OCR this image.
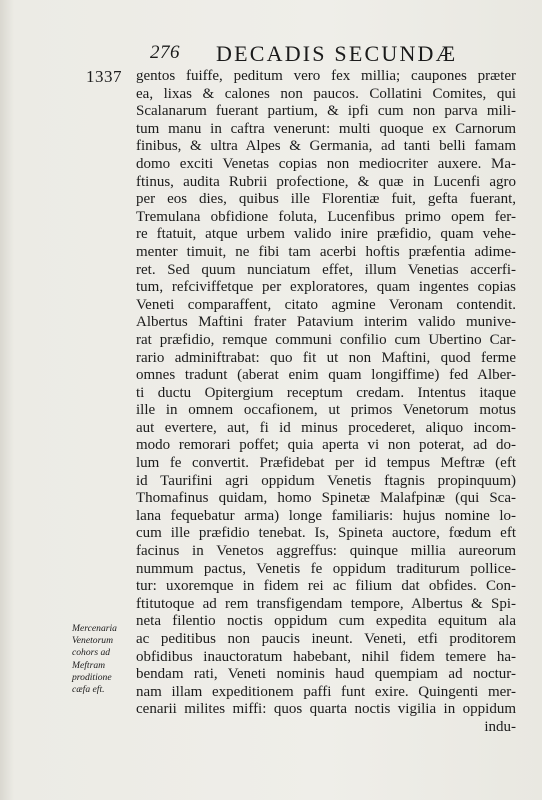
276 DECADIS SECUNDÆ
1337 gentos fuiffe, peditum vero fex millia; caupones præter
ea, lixas & calones non paucos. Collatini Comites, qui
Scalanarum fuerant partium, & ipfi cum non parva mili-
tum manu in caftra venerunt: multi quoque ex Carnorum
finibus, & ultra Alpes & Germania, ad tanti belli famam
domo exciti Venetas copias non mediocriter auxere. Ma-
ftinus, audita Rubrii profectione, & quæ in Lucenfi agro
per eos dies, quibus ille Florentiæ fuit, gefta fuerant,
Tremulana obfidione foluta, Lucenfibus primo opem fer-
re ftatuit, atque urbem valido inire præfidio, quam vehe-
menter timuit, ne fibi tam acerbi hoftis præfentia adime-
ret. Sed quum nunciatum effet, illum Venetias accerfi-
tum, refciviffetque per exploratores, quam ingentes copias
Veneti comparaffent, citato agmine Veronam contendit.
Albertus Maftini frater Patavium interim valido munive-
rat præfidio, remque communi confilio cum Ubertino Car-
rario adminiftrabat: quo fit ut non Maftini, quod ferme
omnes tradunt (aberat enim quam longiffime) fed Alber-
ti ductu Opitergium receptum credam. Intentus itaque
ille in omnem occafionem, ut primos Venetorum motus
aut evertere, aut, fi id minus procederet, aliquo incom-
modo remorari poffet; quia aperta vi non poterat, ad do-
lum fe convertit. Præfidebat per id tempus Meftræ (eft
id Taurifini agri oppidum Venetis ftagnis propinquum)
Thomafinus quidam, homo Spinetæ Malafpinæ (qui Sca-
lana fequebatur arma) longe familiaris: hujus nomine lo-
cum ille præfidio tenebat. Is, Spineta auctore, fœdum eft
facinus in Venetos aggreffus: quinque millia aureorum
nummum pactus, Venetis fe oppidum traditurum pollice-
tur: uxoremque in fidem rei ac filium dat obfides. Con-
ftitutoque ad rem transfigendam tempore, Albertus & Spi-
neta filentio noctis oppidum cum expedita equitum ala
ac peditibus non paucis ineunt. Veneti, etfi proditorem
obfidibus inauctoratum habebant, nihil fidem temere ha-
bendam rati, Veneti nominis haud quempiam ad noctur-
nam illam expeditionem paffi funt exire. Quingenti mer-
cenarii milites miffi: quos quarta noctis vigilia in oppidum
indu-
Mercenaria
Venetorum
cohors ad
Meftram
proditione
cæfa eft.
